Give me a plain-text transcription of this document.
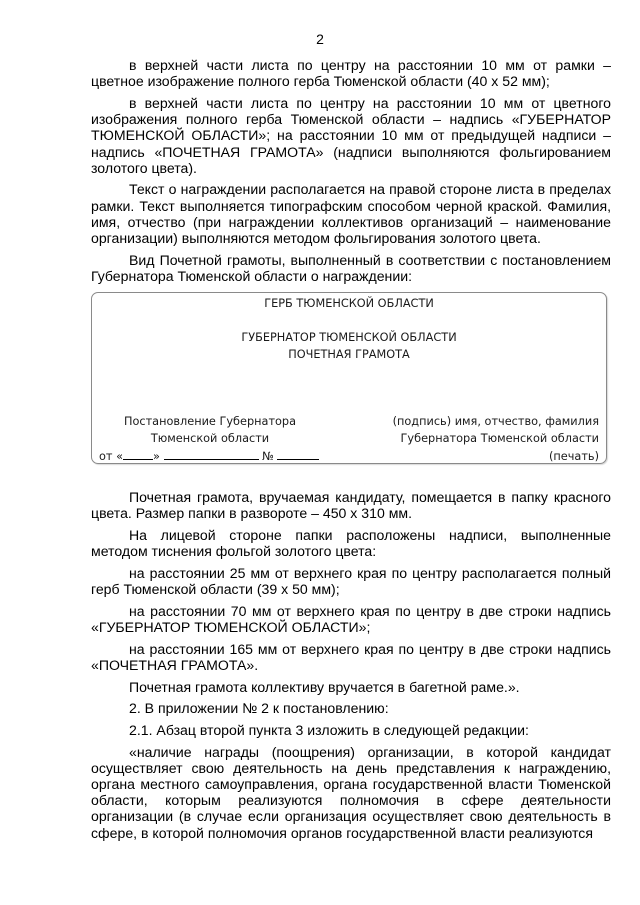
2

в верхней части листа по центру на расстоянии 10 мм от рамки – цветное изображение полного герба Тюменской области (40 х 52 мм);

в верхней части листа по центру на расстоянии 10 мм от цветного изображения полного герба Тюменской области – надпись «ГУБЕРНАТОР ТЮМЕНСКОЙ ОБЛАСТИ»; на расстоянии 10 мм от предыдущей надписи – надпись «ПОЧЕТНАЯ ГРАМОТА» (надписи выполняются фольгированием золотого цвета).

Текст о награждении располагается на правой стороне листа в пределах рамки. Текст выполняется типографским способом черной краской. Фамилия, имя, отчество (при награждении коллективов организаций – наименование организации) выполняются методом фольгирования золотого цвета.

Вид Почетной грамоты, выполненный в соответствии с постановлением Губернатора Тюменской области о награждении:

ГЕРБ ТЮМЕНСКОЙ ОБЛАСТИ
ГУБЕРНАТОР ТЮМЕНСКОЙ ОБЛАСТИ
ПОЧЕТНАЯ ГРАМОТА
Постановление Губернатора
Тюменской области
от «	»	№
(подпись) имя, отчество, фамилия
Губернатора Тюменской области
(печать)

Почетная грамота, вручаемая кандидату, помещается в папку красного цвета. Размер папки в развороте – 450 х 310 мм.

На лицевой стороне папки расположены надписи, выполненные методом тиснения фольгой золотого цвета:

на расстоянии 25 мм от верхнего края по центру располагается полный герб Тюменской области (39 х 50 мм);

на расстоянии 70 мм от верхнего края по центру в две строки надпись «ГУБЕРНАТОР ТЮМЕНСКОЙ ОБЛАСТИ»;

на расстоянии 165 мм от верхнего края по центру в две строки надпись «ПОЧЕТНАЯ ГРАМОТА».

Почетная грамота коллективу вручается в багетной раме.».

2. В приложении № 2 к постановлению:

2.1. Абзац второй пункта 3 изложить в следующей редакции:

«наличие награды (поощрения) организации, в которой кандидат осуществляет свою деятельность на день представления к награждению, органа местного самоуправления, органа государственной власти Тюменской области, которым реализуются полномочия в сфере деятельности организации (в случае если организация осуществляет свою деятельность в сфере, в которой полномочия органов государственной власти реализуются
